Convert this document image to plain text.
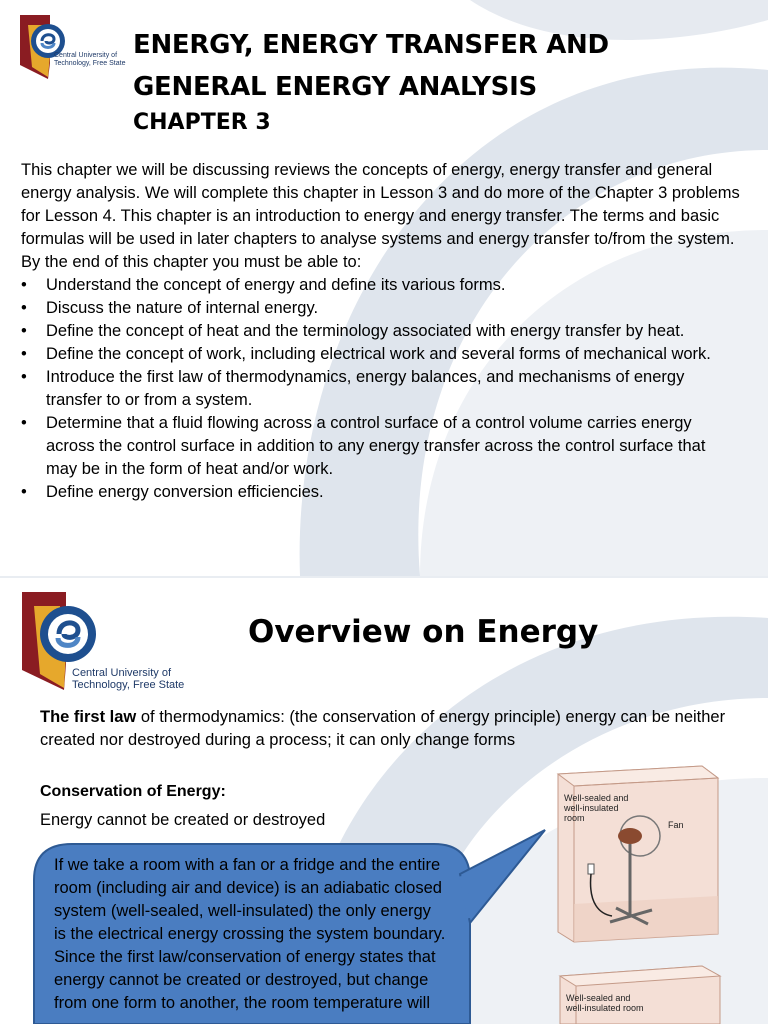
Central University of
Technology, Free State
ENERGY, ENERGY TRANSFER AND
GENERAL ENERGY ANALYSIS
CHAPTER 3

This chapter we will be discussing reviews the concepts of energy, energy transfer and general energy analysis. We will complete this chapter in Lesson 3 and do more of the Chapter 3 problems for Lesson 4. This chapter is an introduction to energy and energy transfer. The terms and basic formulas will be used in later chapters to analyse systems and energy transfer to/from the system.

By the end of this chapter you must be able to:

• Understand the concept of energy and define its various forms.
• Discuss the nature of internal energy.
• Define the concept of heat and the terminology associated with energy transfer by heat.
• Define the concept of work, including electrical work and several forms of mechanical work.
• Introduce the first law of thermodynamics, energy balances, and mechanisms of energy transfer to or from a system.
• Determine that a fluid flowing across a control surface of a control volume carries energy across the control surface in addition to any energy transfer across the control surface that may be in the form of heat and/or work.
• Define energy conversion efficiencies.
Central University of
Technology, Free State
Overview on Energy
The first law of thermodynamics: (the conservation of energy principle) energy can be neither created nor destroyed during a process; it can only change forms
Conservation of Energy:
Energy cannot be created or destroyed
If we take a room with a fan or a fridge and the entire room (including air and device) is an adiabatic closed system (well-sealed, well-insulated) the only energy is the electrical energy crossing the system boundary. Since the first law/conservation of energy states that energy cannot be created or destroyed, but change from one form to another, the room temperature will
Well-sealed and
well-insulated
room
Fan
Well-sealed and
well-insulated room
